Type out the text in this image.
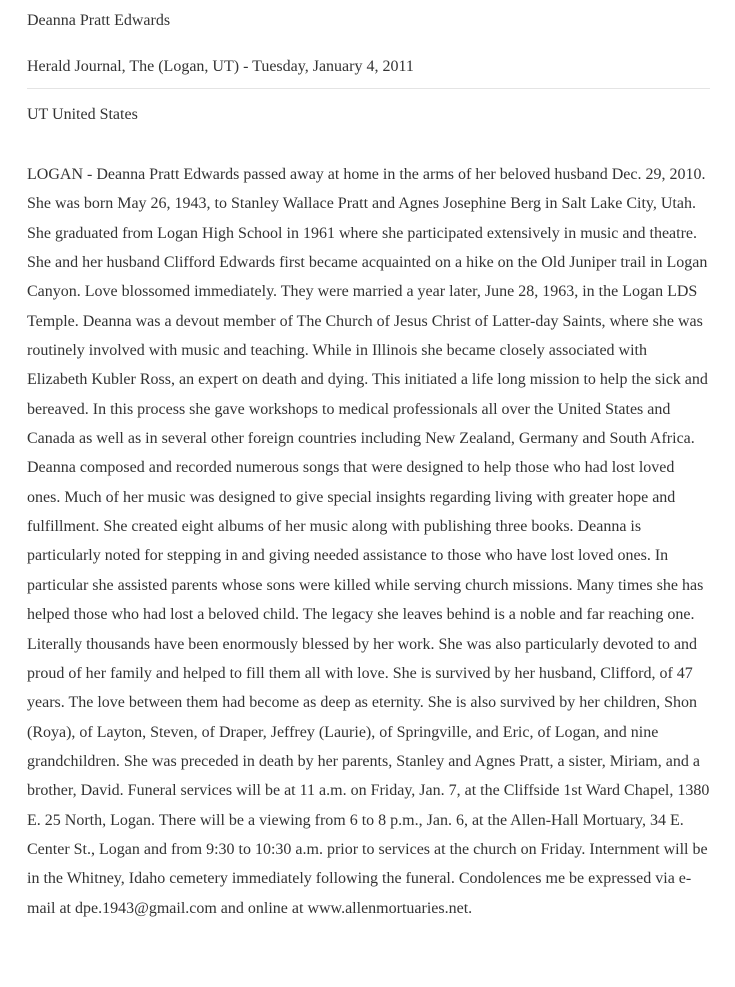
Deanna Pratt Edwards
Herald Journal, The (Logan, UT) - Tuesday, January 4, 2011
UT United States

LOGAN - Deanna Pratt Edwards passed away at home in the arms of her beloved husband Dec. 29, 2010. She was born May 26, 1943, to Stanley Wallace Pratt and Agnes Josephine Berg in Salt Lake City, Utah. She graduated from Logan High School in 1961 where she participated extensively in music and theatre. She and her husband Clifford Edwards first became acquainted on a hike on the Old Juniper trail in Logan Canyon. Love blossomed immediately. They were married a year later, June 28, 1963, in the Logan LDS Temple. Deanna was a devout member of The Church of Jesus Christ of Latter-day Saints, where she was routinely involved with music and teaching. While in Illinois she became closely associated with Elizabeth Kubler Ross, an expert on death and dying. This initiated a life long mission to help the sick and bereaved. In this process she gave workshops to medical professionals all over the United States and Canada as well as in several other foreign countries including New Zealand, Germany and South Africa. Deanna composed and recorded numerous songs that were designed to help those who had lost loved ones. Much of her music was designed to give special insights regarding living with greater hope and fulfillment. She created eight albums of her music along with publishing three books. Deanna is particularly noted for stepping in and giving needed assistance to those who have lost loved ones. In particular she assisted parents whose sons were killed while serving church missions. Many times she has helped those who had lost a beloved child. The legacy she leaves behind is a noble and far reaching one. Literally thousands have been enormously blessed by her work. She was also particularly devoted to and proud of her family and helped to fill them all with love. She is survived by her husband, Clifford, of 47 years. The love between them had become as deep as eternity. She is also survived by her children, Shon (Roya), of Layton, Steven, of Draper, Jeffrey (Laurie), of Springville, and Eric, of Logan, and nine grandchildren. She was preceded in death by her parents, Stanley and Agnes Pratt, a sister, Miriam, and a brother, David. Funeral services will be at 11 a.m. on Friday, Jan. 7, at the Cliffside 1st Ward Chapel, 1380 E. 25 North, Logan. There will be a viewing from 6 to 8 p.m., Jan. 6, at the Allen-Hall Mortuary, 34 E. Center St., Logan and from 9:30 to 10:30 a.m. prior to services at the church on Friday. Internment will be in the Whitney, Idaho cemetery immediately following the funeral. Condolences me be expressed via e-mail at dpe.1943@gmail.com and online at www.allenmortuaries.net.
